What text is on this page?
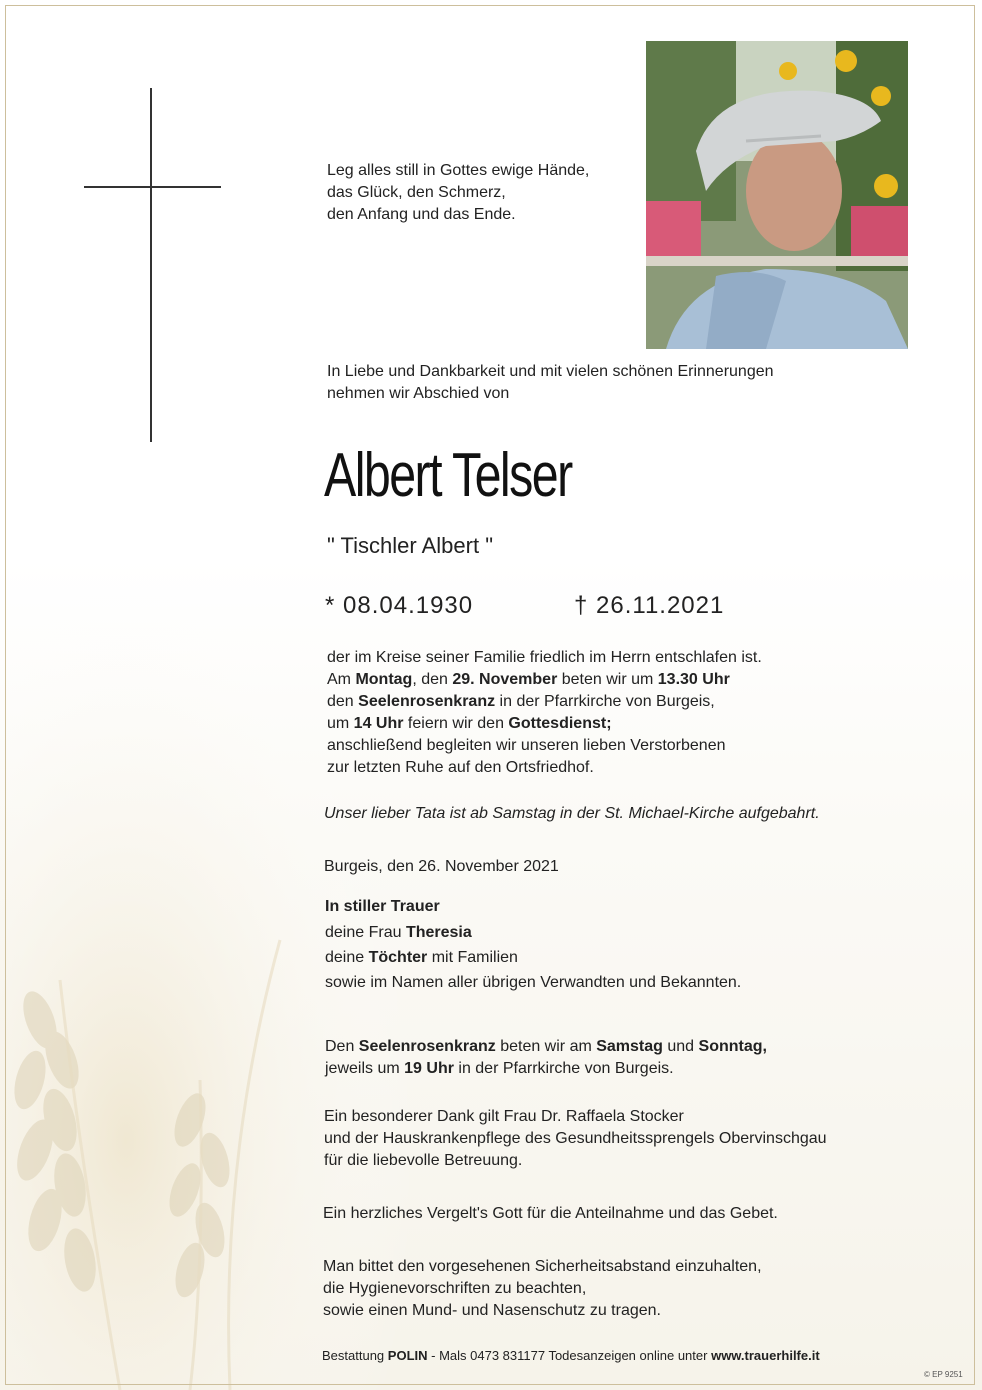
Leg alles still in Gottes ewige Hände,
das Glück, den Schmerz,
den Anfang und das Ende.
In Liebe und Dankbarkeit und mit vielen schönen Erinnerungen
nehmen wir Abschied von
Albert Telser
" Tischler Albert "
* 08.04.1930	† 26.11.2021
der im Kreise seiner Familie friedlich im Herrn entschlafen ist.
Am Montag, den 29. November beten wir um 13.30 Uhr
den Seelenrosenkranz in der Pfarrkirche von Burgeis,
um 14 Uhr feiern wir den Gottesdienst;
anschließend begleiten wir unseren lieben Verstorbenen
zur letzten Ruhe auf den Ortsfriedhof.
Unser lieber Tata ist ab Samstag in der St. Michael-Kirche aufgebahrt.
Burgeis, den 26. November 2021
In stiller Trauer
deine Frau Theresia
deine Töchter mit Familien
sowie im Namen aller übrigen Verwandten und Bekannten.
Den Seelenrosenkranz beten wir am Samstag und Sonntag,
jeweils um 19 Uhr in der Pfarrkirche von Burgeis.
Ein besonderer Dank gilt Frau Dr. Raffaela Stocker
und der Hauskrankenpflege des Gesundheitssprengels Obervinschgau
für die liebevolle Betreuung.
Ein herzliches Vergelt's Gott für die Anteilnahme und das Gebet.
Man bittet den vorgesehenen Sicherheitsabstand einzuhalten,
die Hygienevorschriften zu beachten,
sowie einen Mund- und Nasenschutz zu tragen.
Bestattung POLIN - Mals 0473 831177 Todesanzeigen online unter www.trauerhilfe.it
© EP 9251
